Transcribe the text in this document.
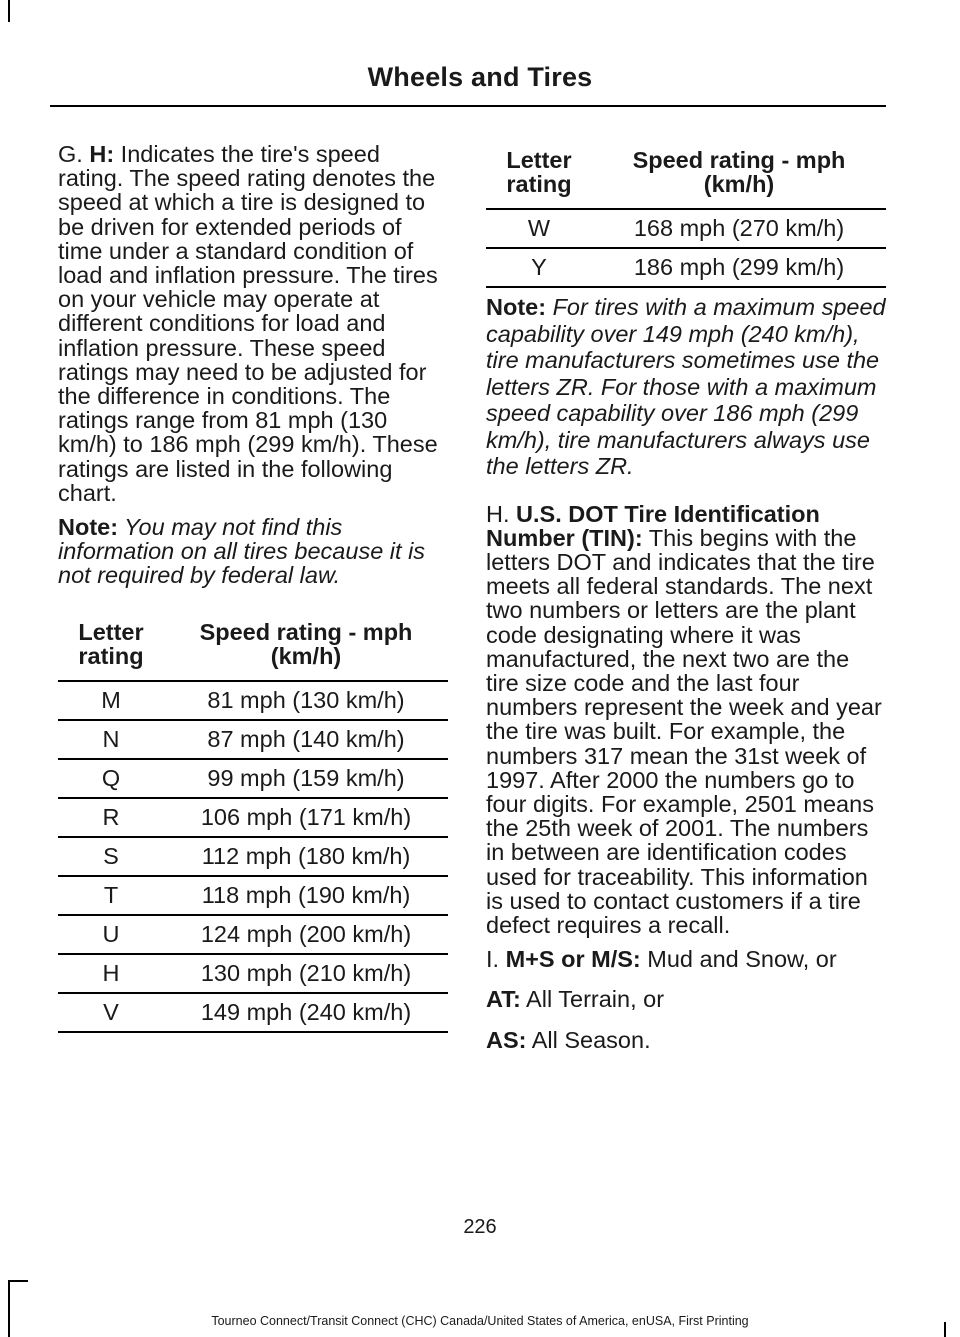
Wheels and Tires

G. H: Indicates the tire's speed rating. The speed rating denotes the speed at which a tire is designed to be driven for extended periods of time under a standard condition of load and inflation pressure. The tires on your vehicle may operate at different conditions for load and inflation pressure. These speed ratings may need to be adjusted for the difference in conditions. The ratings range from 81 mph (130 km/h) to 186 mph (299 km/h). These ratings are listed in the following chart.

Note: You may not find this information on all tires because it is not required by federal law.

Letter rating	Speed rating - mph (km/h)
M	81 mph (130 km/h)
N	87 mph (140 km/h)
Q	99 mph (159 km/h)
R	106 mph (171 km/h)
S	112 mph (180 km/h)
T	118 mph (190 km/h)
U	124 mph (200 km/h)
H	130 mph (210 km/h)
V	149 mph (240 km/h)
Letter rating	Speed rating - mph (km/h)
W	168 mph (270 km/h)
Y	186 mph (299 km/h)

Note: For tires with a maximum speed capability over 149 mph (240 km/h), tire manufacturers sometimes use the letters ZR. For those with a maximum speed capability over 186 mph (299 km/h), tire manufacturers always use the letters ZR.

H. U.S. DOT Tire Identification Number (TIN): This begins with the letters DOT and indicates that the tire meets all federal standards. The next two numbers or letters are the plant code designating where it was manufactured, the next two are the tire size code and the last four numbers represent the week and year the tire was built. For example, the numbers 317 mean the 31st week of 1997. After 2000 the numbers go to four digits. For example, 2501 means the 25th week of 2001. The numbers in between are identification codes used for traceability. This information is used to contact customers if a tire defect requires a recall.

I. M+S or M/S: Mud and Snow, or

AT: All Terrain, or

AS: All Season.

226
Tourneo Connect/Transit Connect (CHC) Canada/United States of America, enUSA, First Printing
